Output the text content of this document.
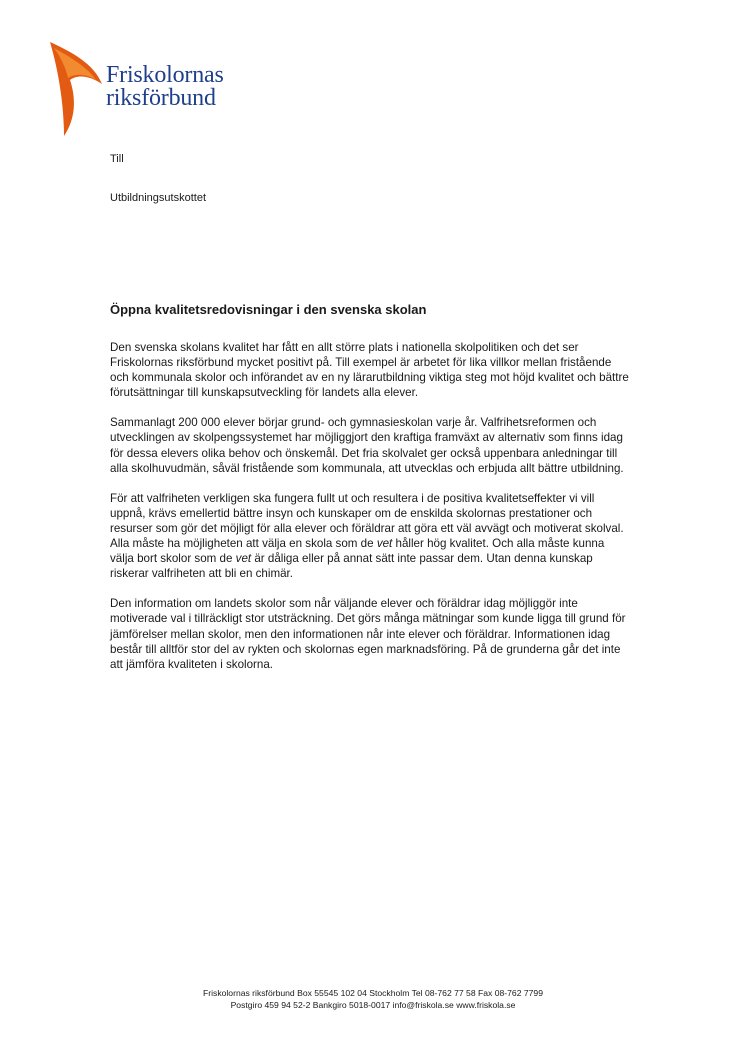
Friskolornas
riksförbund
Till
Utbildningsutskottet
Öppna kvalitetsredovisningar i den svenska skolan

Den svenska skolans kvalitet har fått en allt större plats i nationella skolpolitiken och det ser Friskolornas riksförbund mycket positivt på. Till exempel är arbetet för lika villkor mellan fristående och kommunala skolor och införandet av en ny lärarutbildning viktiga steg mot höjd kvalitet och bättre förutsättningar till kunskapsutveckling för landets alla elever.

Sammanlagt 200 000 elever börjar grund- och gymnasieskolan varje år. Valfrihetsreformen och utvecklingen av skolpengssystemet har möjliggjort den kraftiga framväxt av alternativ som finns idag för dessa elevers olika behov och önskemål. Det fria skolvalet ger också uppenbara anledningar till alla skolhuvudmän, såväl fristående som kommunala, att utvecklas och erbjuda allt bättre utbildning.

För att valfriheten verkligen ska fungera fullt ut och resultera i de positiva kvalitetseffekter vi vill uppnå, krävs emellertid bättre insyn och kunskaper om de enskilda skolornas prestationer och resurser som gör det möjligt för alla elever och föräldrar att göra ett väl avvägt och motiverat skolval. Alla måste ha möjligheten att välja en skola som de vet håller hög kvalitet. Och alla måste kunna välja bort skolor som de vet är dåliga eller på annat sätt inte passar dem. Utan denna kunskap riskerar valfriheten att bli en chimär.

Den information om landets skolor som når väljande elever och föräldrar idag möjliggör inte motiverade val i tillräckligt stor utsträckning. Det görs många mätningar som kunde ligga till grund för jämförelser mellan skolor, men den informationen når inte elever och föräldrar. Informationen idag består till alltför stor del av rykten och skolornas egen marknadsföring. På de grunderna går det inte att jämföra kvaliteten i skolorna.

Friskolornas riksförbund Box 55545 102 04 Stockholm Tel 08-762 77 58 Fax 08-762 7799
Postgiro 459 94 52-2 Bankgiro 5018-0017 info@friskola.se www.friskola.se
